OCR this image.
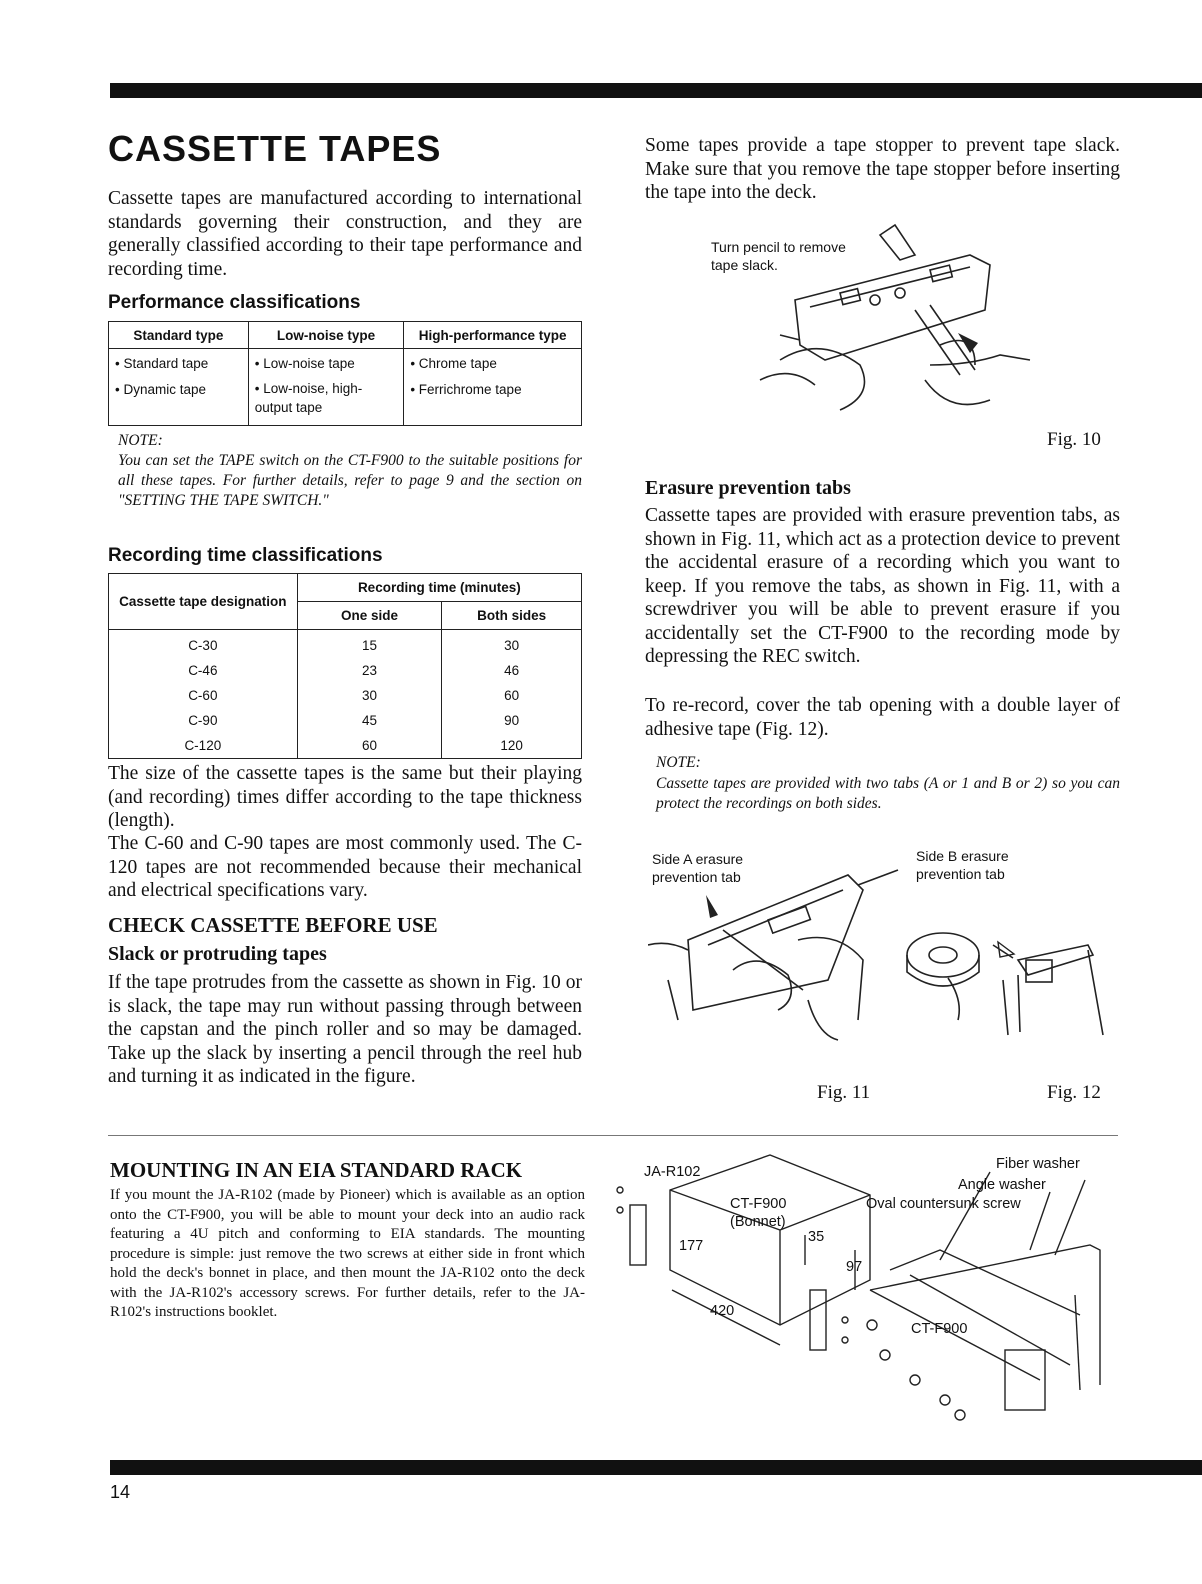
CASSETTE TAPES
Cassette tapes are manufactured according to international standards governing their construction, and they are generally classified according to their tape performance and recording time.
Performance classifications
Standard type	Low-noise type	High-performance type
• Standard tape	• Low-noise tape	• Chrome tape
• Dynamic tape	• Low-noise, high-output tape	• Ferrichrome tape
NOTE:
You can set the TAPE switch on the CT-F900 to the suitable positions for all these tapes. For further details, refer to page 9 and the section on "SETTING THE TAPE SWITCH."
Recording time classifications
Cassette tape designation	Recording time (minutes)	
	One side	Both sides
C-30	15	30
C-46	23	46
C-60	30	60
C-90	45	90
C-120	60	120
The size of the cassette tapes is the same but their playing (and recording) times differ according to the tape thickness (length).
The C-60 and C-90 tapes are most commonly used. The C-120 tapes are not recommended because their mechanical and electrical specifications vary.
CHECK CASSETTE BEFORE USE
Slack or protruding tapes
If the tape protrudes from the cassette as shown in Fig. 10 or is slack, the tape may run without passing through between the capstan and the pinch roller and so may be damaged. Take up the slack by inserting a pencil through the reel hub and turning it as indicated in the figure.
Some tapes provide a tape stopper to prevent tape slack. Make sure that you remove the tape stopper before inserting the tape into the deck.
Turn pencil to remove tape slack.
Fig. 10
Erasure prevention tabs
Cassette tapes are provided with erasure prevention tabs, as shown in Fig. 11, which act as a protection device to prevent the accidental erasure of a recording which you want to keep. If you remove the tabs, as shown in Fig. 11, with a screwdriver you will be able to prevent erasure if you accidentally set the CT-F900 to the recording mode by depressing the REC switch.
To re-record, cover the tab opening with a double layer of adhesive tape (Fig. 12).
NOTE:
Cassette tapes are provided with two tabs (A or 1 and B or 2) so you can protect the recordings on both sides.
Side A erasure prevention tab
Side B erasure prevention tab
Fig. 11	Fig. 12
MOUNTING IN AN EIA STANDARD RACK
If you mount the JA-R102 (made by Pioneer) which is available as an option onto the CT-F900, you will be able to mount your deck into an audio rack featuring a 4U pitch and conforming to EIA standards. The mounting procedure is simple: just remove the two screws at either side in front which hold the deck's bonnet in place, and then mount the JA-R102 onto the deck with the JA-R102's accessory screws. For further details, refer to the JA-R102's instructions booklet.
JA-R102
CT-F900 (Bonnet)
177
35
97
420
Fiber washer
Angle washer
Oval countersunk screw
CT-F900
14
